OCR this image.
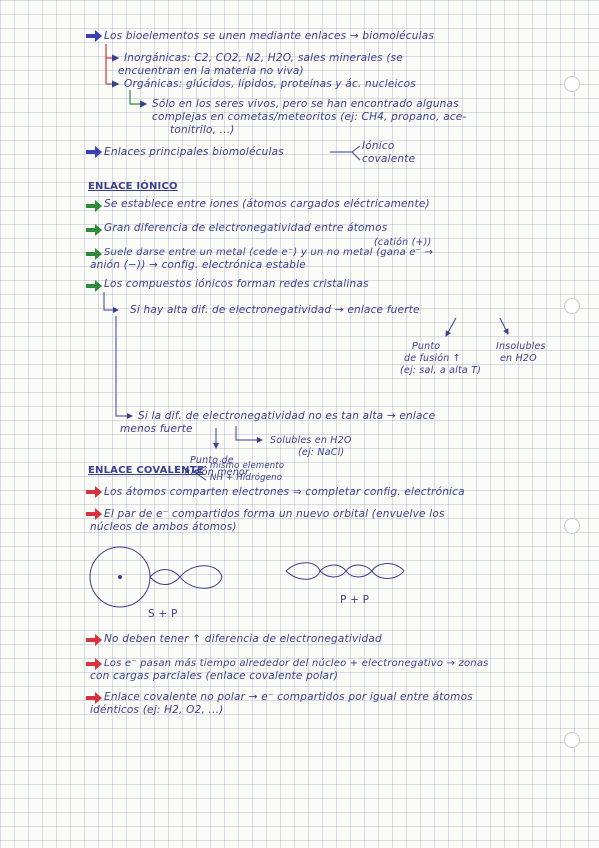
Los bioelementos se unen mediante enlaces → biomoléculas
Inorgánicas: C2, CO2, N2, H2O, sales minerales (se
encuentran en la materia no viva)
Orgánicas: glúcidos, lípidos, proteínas y ác. nucleicos
Sólo en los seres vivos, pero se han encontrado algunas
complejas en cometas/meteoritos (ej: CH4, propano, ace-
tonitrilo, ...)
Enlaces principales biomoléculas	Iónico
covalente
ENLACE IÓNICO
Se establece entre iones (átomos cargados eléctricamente)
Gran diferencia de electronegatividad entre átomos
(catión (+))
Suele darse entre un metal (cede e⁻) y un no metal (gana e⁻ →
anión (−)) → config. electrónica estable
Los compuestos iónicos forman redes cristalinas
Si hay alta dif. de electronegatividad → enlace fuerte
Punto
de fusión ↑
(ej: sal, a alta T)
Insolubles
en H2O
Si la dif. de electronegatividad no es tan alta → enlace
menos fuerte
Solubles en H2O
(ej: NaCl)
Punto de
fusión menor
ENLACE COVALENTE mismo elemento
NH + Hidrógeno
Los átomos comparten electrones ⇒ completar config. electrónica
El par de e⁻ compartidos forma un nuevo orbital (envuelve los
núcleos de ambos átomos)
S + P
P + P
No deben tener ↑ diferencia de electronegatividad
Los e⁻ pasan más tiempo alrededor del núcleo + electronegativo → zonas
con cargas parciales (enlace covalente polar)
Enlace covalente no polar → e⁻ compartidos por igual entre átomos
idénticos (ej: H2, O2, ...)
